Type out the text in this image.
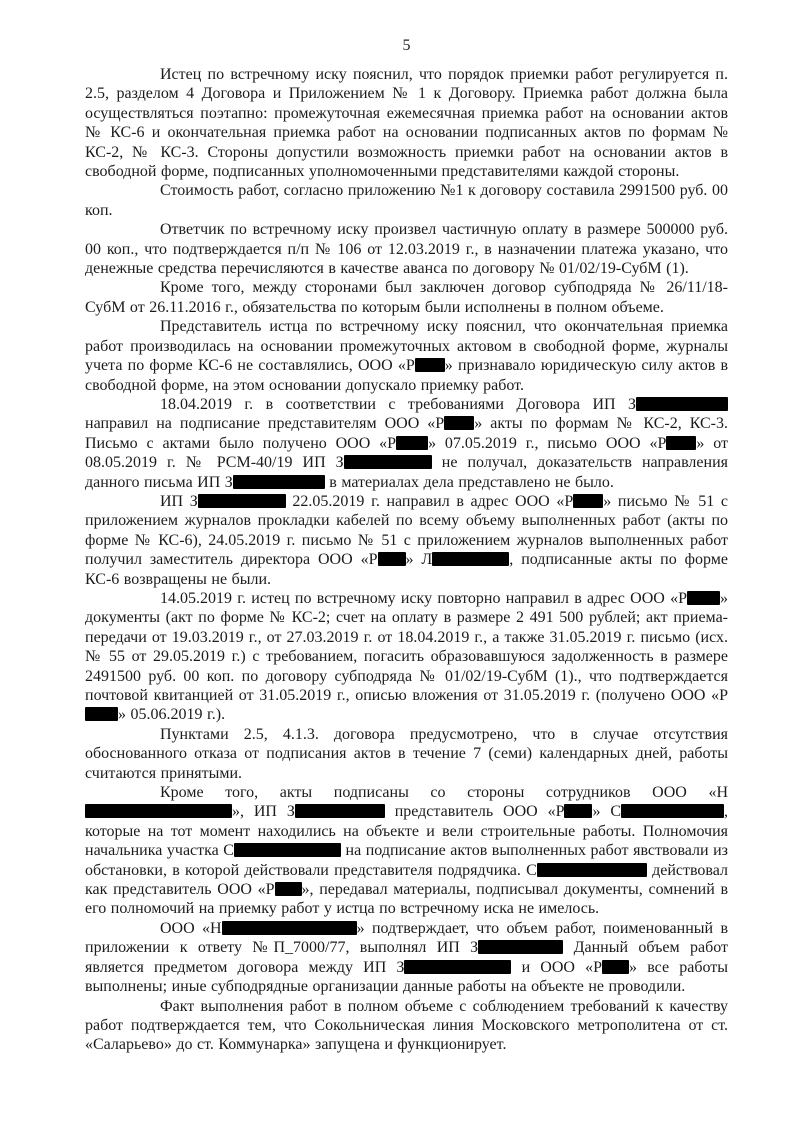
5

Истец по встречному иску пояснил, что порядок приемки работ регулируется п. 2.5, разделом 4 Договора и Приложением № 1 к Договору. Приемка работ должна была осуществляться поэтапно: промежуточная ежемесячная приемка работ на основании актов № КС-6 и окончательная приемка работ на основании подписанных актов по формам № КС-2, № КС-3. Стороны допустили возможность приемки работ на основании актов в свободной форме, подписанных уполномоченными представителями каждой стороны.

Стоимость работ, согласно приложению №1 к договору составила 2991500 руб. 00 коп.

Ответчик по встречному иску произвел частичную оплату в размере 500000 руб. 00 коп., что подтверждается п/п № 106 от 12.03.2019 г., в назначении платежа указано, что денежные средства перечисляются в качестве аванса по договору № 01/02/19-СубМ (1).

Кроме того, между сторонами был заключен договор субподряда № 26/11/18-СубМ от 26.11.2016 г., обязательства по которым были исполнены в полном объеме.

Представитель истца по встречному иску пояснил, что окончательная приемка работ производилась на основании промежуточных актовом в свободной форме, журналы учета по форме КС-6 не составлялись, ООО «Р » признавало юридическую силу актов в свободной форме, на этом основании допускало приемку работ.

18.04.2019 г. в соответствии с требованиями Договора ИП З направил на подписание представителям ООО «Р » акты по формам № КС-2, КС-3. Письмо с актами было получено ООО «Р » 07.05.2019 г., письмо ООО «Р » от 08.05.2019 г. № РСМ-40/19 ИП З	не получал, доказательств направления данного письма ИП З	в материалах дела представлено не было.

ИП З	22.05.2019 г. направил в адрес ООО «Р » письмо № 51 с приложением журналов прокладки кабелей по всему объему выполненных работ (акты по форме № КС-6), 24.05.2019 г. письмо № 51 с приложением журналов выполненных работ получил заместитель директора ООО «Р » Л	, подписанные акты по форме КС-6 возвращены не были.

14.05.2019 г. истец по встречному иску повторно направил в адрес ООО «Р » документы (акт по форме № КС-2; счет на оплату в размере 2 491 500 рублей; акт приема-передачи от 19.03.2019 г., от 27.03.2019 г. от 18.04.2019 г., а также 31.05.2019 г. письмо (исх. № 55 от 29.05.2019 г.) с требованием, погасить образовавшуюся задолженность в размере 2491500 руб. 00 коп. по договору субподряда № 01/02/19-СубМ (1)., что подтверждается почтовой квитанцией от 31.05.2019 г., описью вложения от 31.05.2019 г. (получено ООО «Р» 05.06.2019 г.).

Пунктами 2.5, 4.1.3. договора предусмотрено, что в случае отсутствия обоснованного отказа от подписания актов в течение 7 (семи) календарных дней, работы считаются принятыми.

Кроме того, акты подписаны со стороны сотрудников ООО «Н», ИП З	представитель ООО «Р » С	, которые на тот момент находились на объекте и вели строительные работы. Полномочия начальника участка С	на подписание актов выполненных работ явствовали из обстановки, в которой действовали представителя подрядчика. С	действовал как представитель ООО «Р », передавал материалы, подписывал документы, сомнений в его полномочий на приемку работ у истца по встречному иска не имелось.

ООО «Н	» подтверждает, что объем работ, поименованный в приложении к ответу №П_7000/77, выполнял ИП З	Данный объем работ является предметом договора между ИП З	и ООО «Р » все работы выполнены; иные субподрядные организации данные работы на объекте не проводили.

Факт выполнения работ в полном объеме с соблюдением требований к качеству работ подтверждается тем, что Сокольническая линия Московского метрополитена от ст. «Саларьево» до ст. Коммунарка» запущена и функционирует.
